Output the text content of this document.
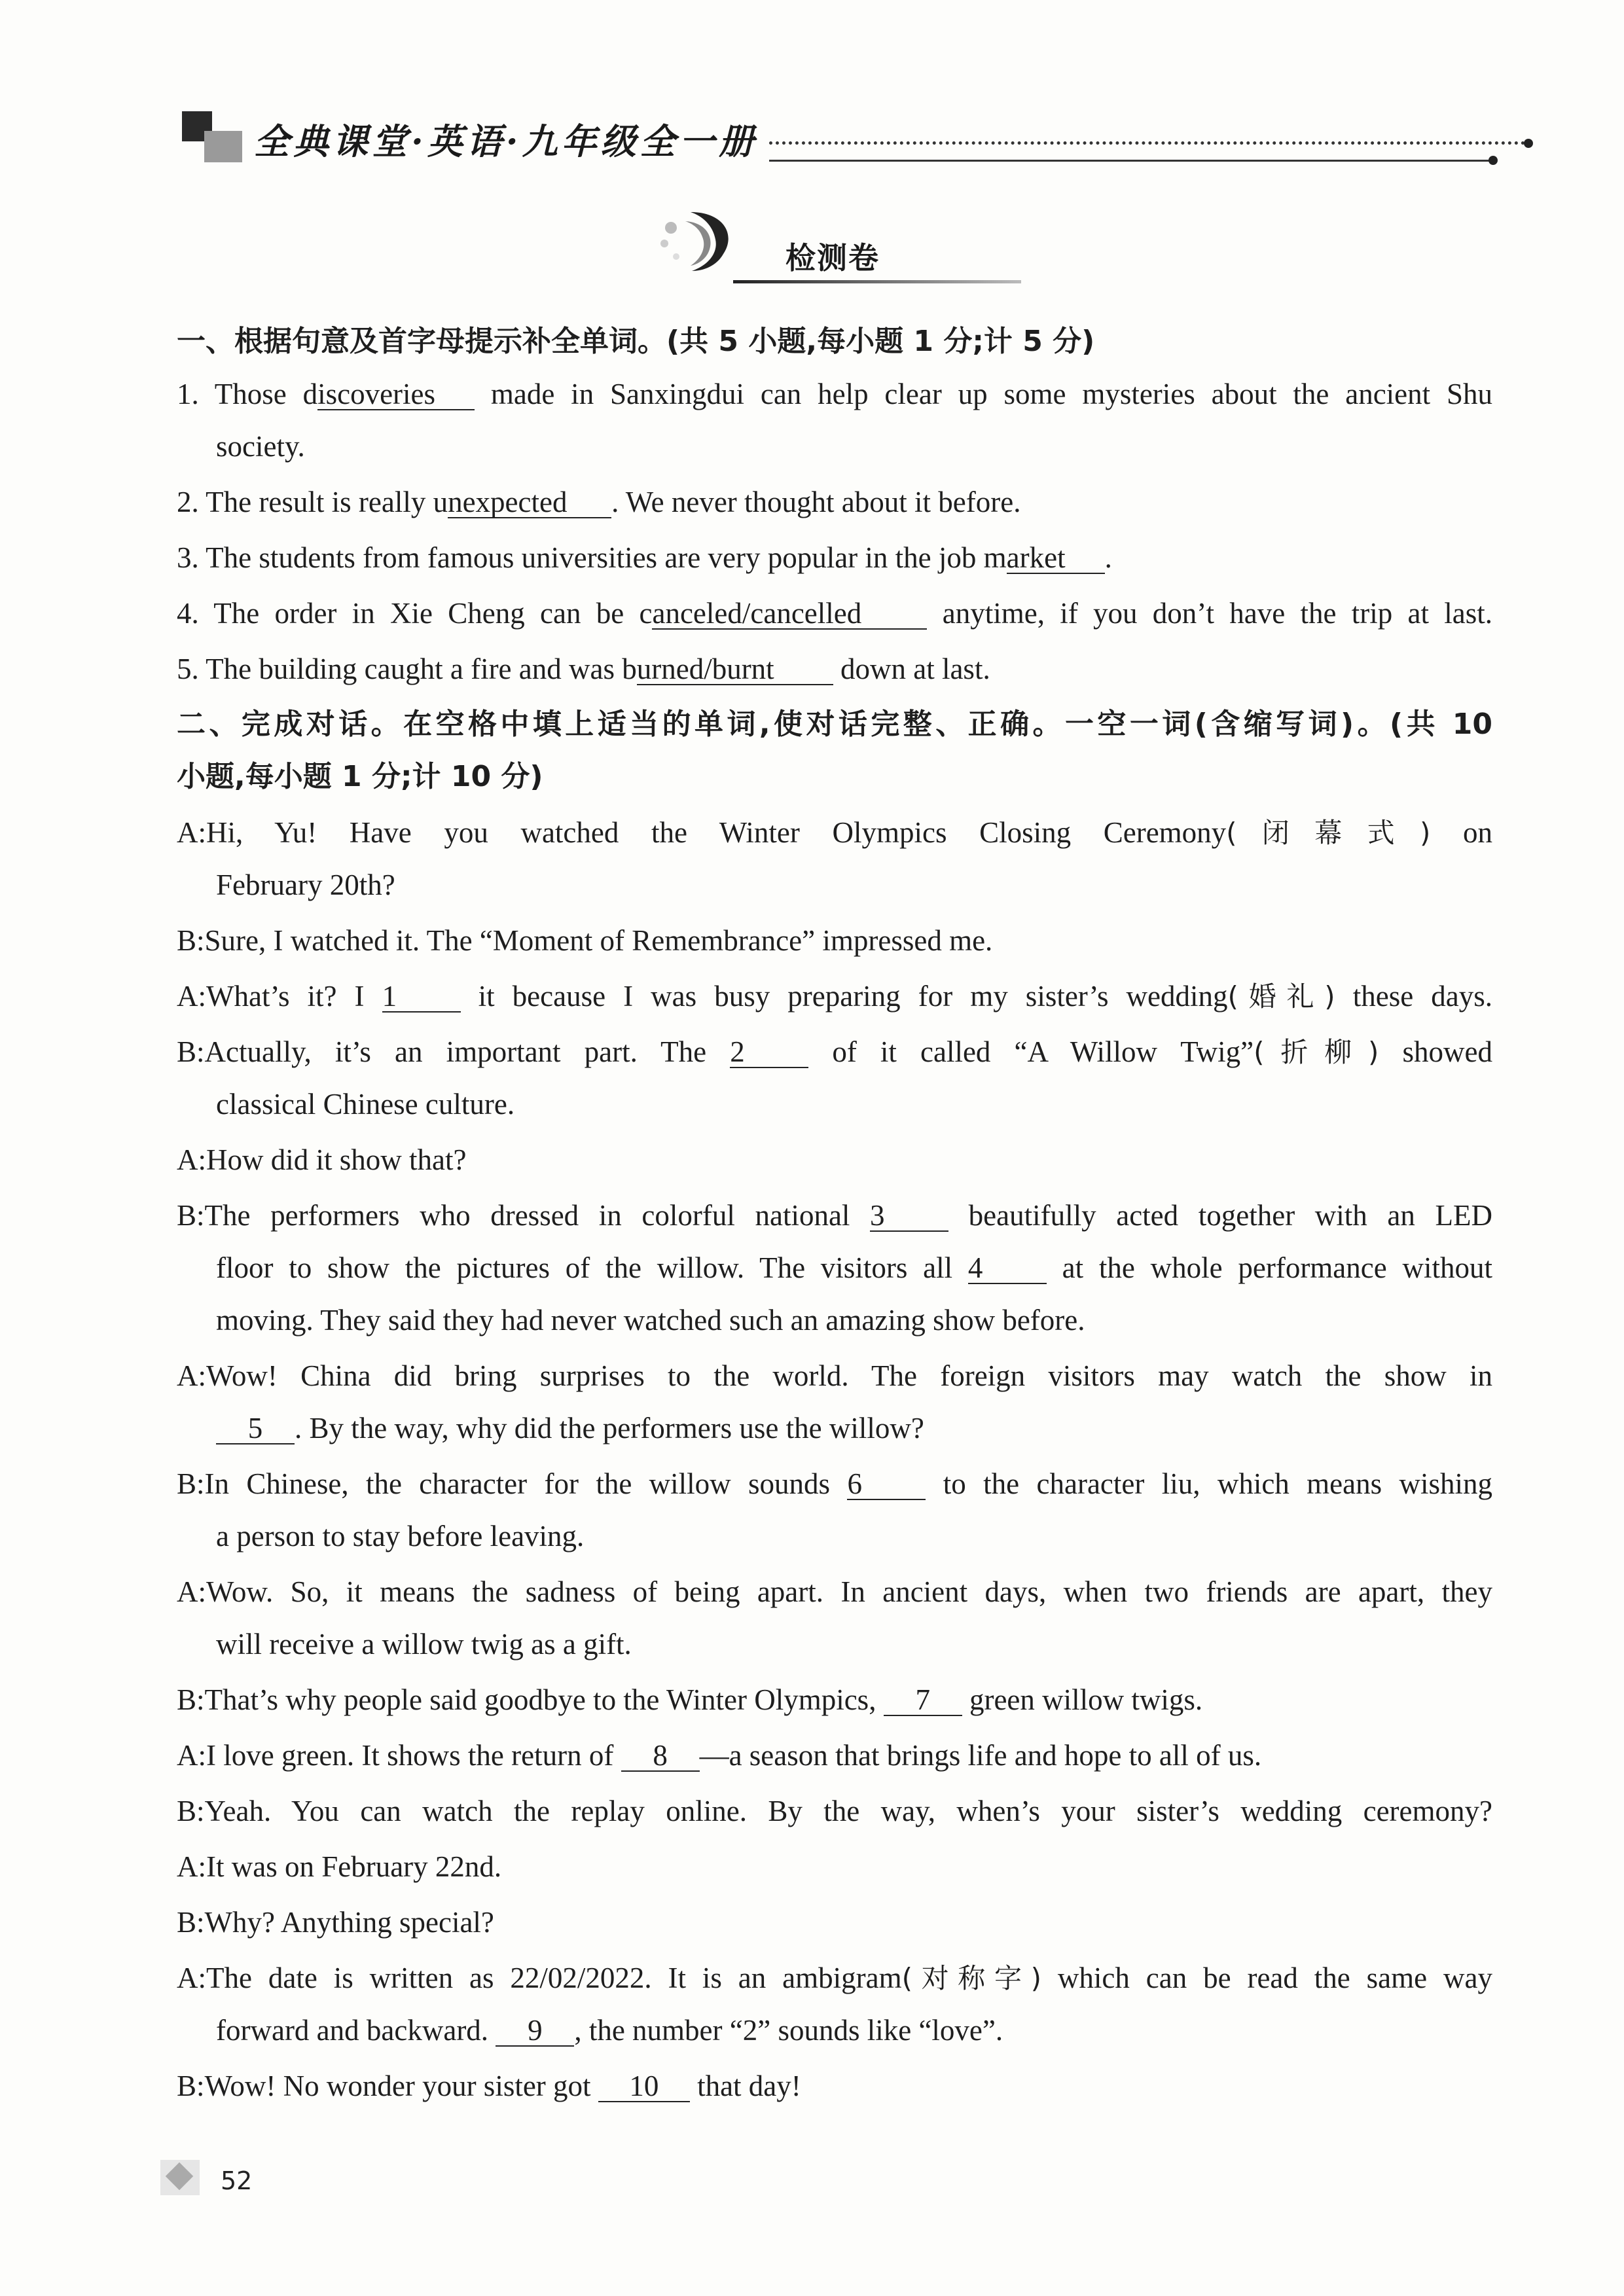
全典课堂·英语·九年级全一册
检测卷
一、根据句意及首字母提示补全单词。(共 5 小题,每小题 1 分;计 5 分)
1. Those discoveries made in Sanxingdui can help clear up some mysteries about the ancient Shu
society.
2. The result is really unexpected . We never thought about it before.
3. The students from famous universities are very popular in the job market .
4. The order in Xie Cheng can be canceled/cancelled anytime, if you don’t have the trip at last.
5. The building caught a fire and was burned/burnt down at last.
二、完成对话。在空格中填上适当的单词,使对话完整、正确。一空一词(含缩写词)。(共 10
小题,每小题 1 分;计 10 分)
A:Hi, Yu! Have you watched the Winter Olympics Closing Ceremony(闭幕式) on
February 20th?
B:Sure, I watched it. The “Moment of Remembrance” impressed me.
A:What’s it? I 1 it because I was busy preparing for my sister’s wedding(婚礼) these days.
B:Actually, it’s an important part. The 2 of it called “A Willow Twig”(折柳) showed
classical Chinese culture.
A:How did it show that?
B:The performers who dressed in colorful national 3 beautifully acted together with an LED
floor to show the pictures of the willow. The visitors all 4 at the whole performance without
moving. They said they had never watched such an amazing show before.
A:Wow! China did bring surprises to the world. The foreign visitors may watch the show in
5 . By the way, why did the performers use the willow?
B:In Chinese, the character for the willow sounds 6 to the character liu, which means wishing
a person to stay before leaving.
A:Wow. So, it means the sadness of being apart. In ancient days, when two friends are apart, they
will receive a willow twig as a gift.
B:That’s why people said goodbye to the Winter Olympics, 7 green willow twigs.
A:I love green. It shows the return of 8 —a season that brings life and hope to all of us.
B:Yeah. You can watch the replay online. By the way, when’s your sister’s wedding ceremony?
A:It was on February 22nd.
B:Why? Anything special?
A:The date is written as 22/02/2022. It is an ambigram(对称字) which can be read the same way
forward and backward. 9 , the number “2” sounds like “love”.
B:Wow! No wonder your sister got 10 that day!
52
